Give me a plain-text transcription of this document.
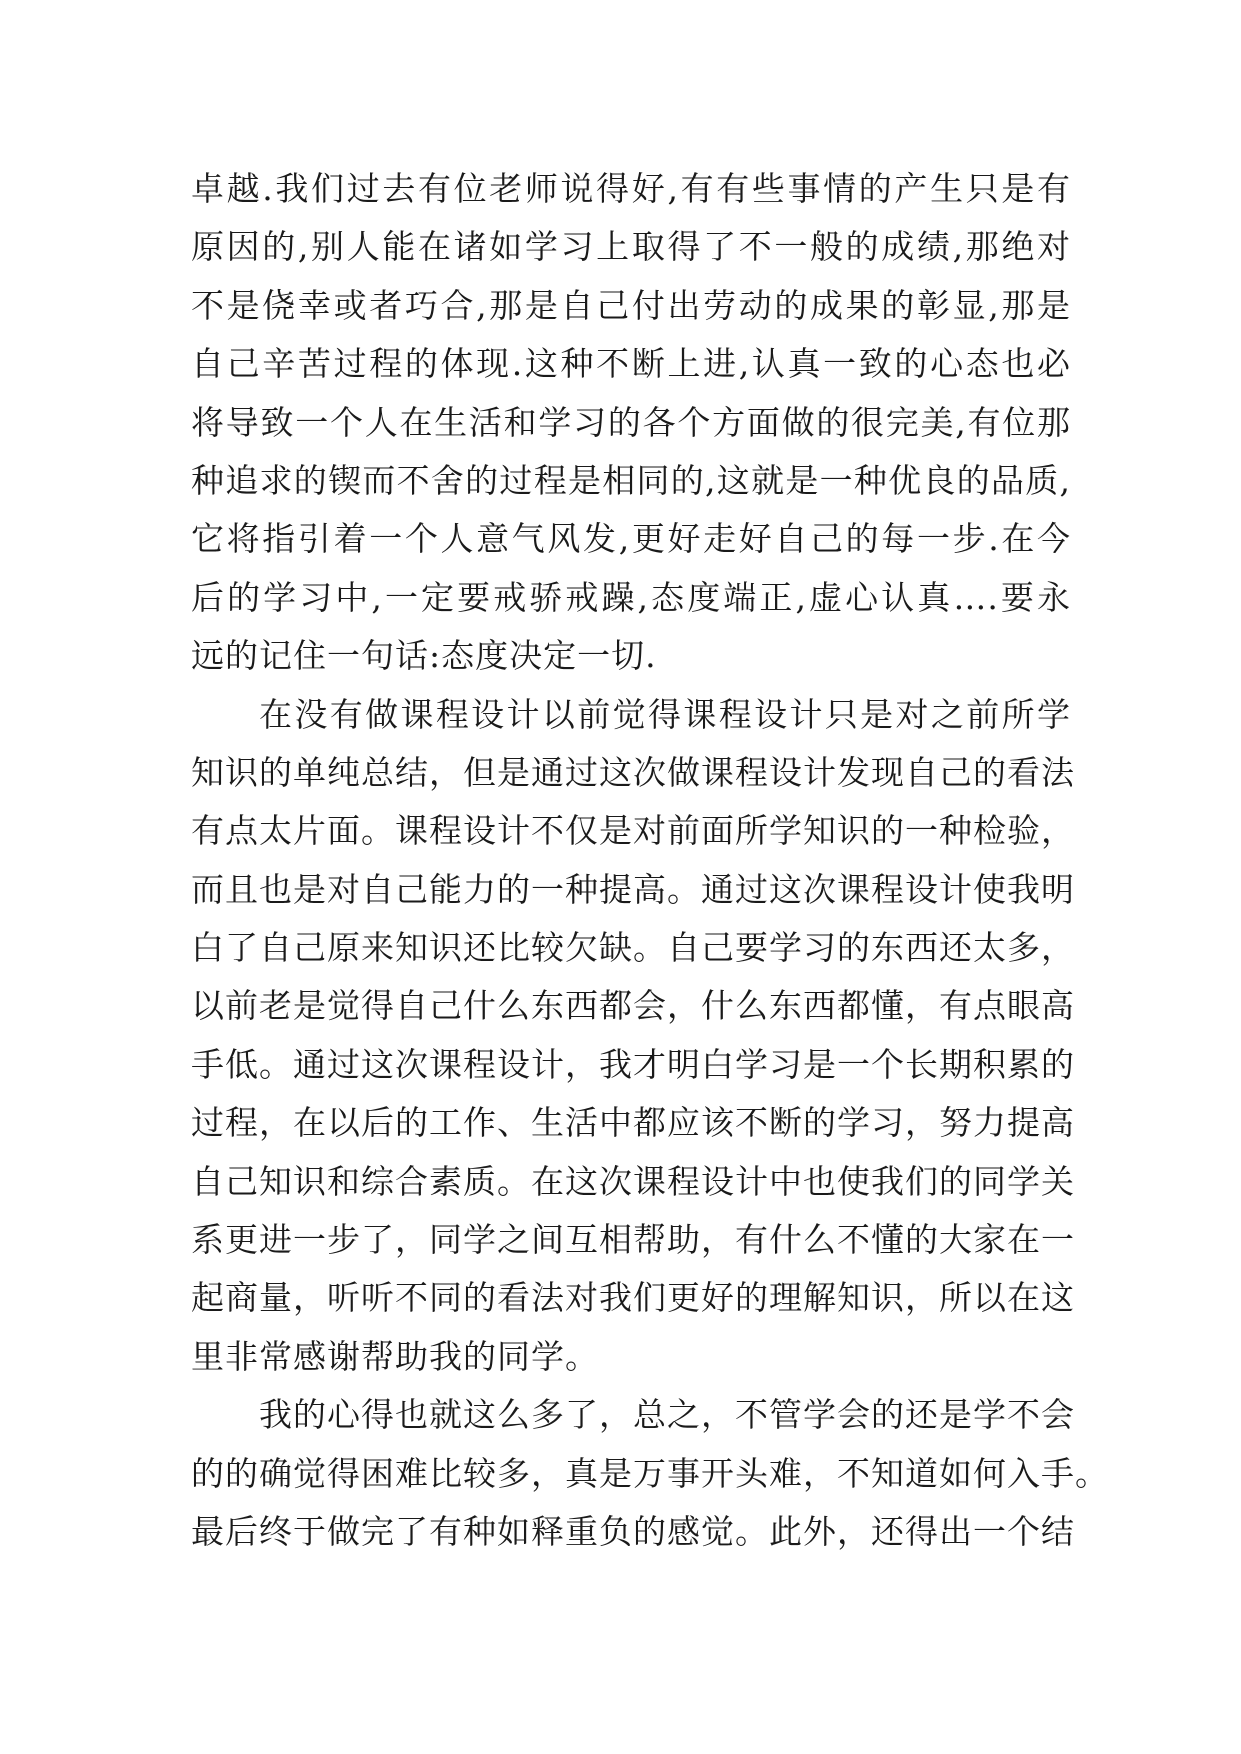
卓越.我们过去有位老师说得好,有有些事情的产生只是有
原因的,别人能在诸如学习上取得了不一般的成绩,那绝对
不是侥幸或者巧合,那是自己付出劳动的成果的彰显,那是
自己辛苦过程的体现.这种不断上进,认真一致的心态也必
将导致一个人在生活和学习的各个方面做的很完美,有位那
种追求的锲而不舍的过程是相同的,这就是一种优良的品质,
它将指引着一个人意气风发,更好走好自己的每一步.在今
后的学习中,一定要戒骄戒躁,态度端正,虚心认真….要永
远的记住一句话:态度决定一切.
在没有做课程设计以前觉得课程设计只是对之前所学
知识的单纯总结，但是通过这次做课程设计发现自己的看法
有点太片面。课程设计不仅是对前面所学知识的一种检验，
而且也是对自己能力的一种提高。通过这次课程设计使我明
白了自己原来知识还比较欠缺。自己要学习的东西还太多，
以前老是觉得自己什么东西都会，什么东西都懂，有点眼高
手低。通过这次课程设计，我才明白学习是一个长期积累的
过程，在以后的工作、生活中都应该不断的学习，努力提高
自己知识和综合素质。在这次课程设计中也使我们的同学关
系更进一步了，同学之间互相帮助，有什么不懂的大家在一
起商量，听听不同的看法对我们更好的理解知识，所以在这
里非常感谢帮助我的同学。
我的心得也就这么多了，总之，不管学会的还是学不会
的的确觉得困难比较多，真是万事开头难，不知道如何入手。
最后终于做完了有种如释重负的感觉。此外，还得出一个结
